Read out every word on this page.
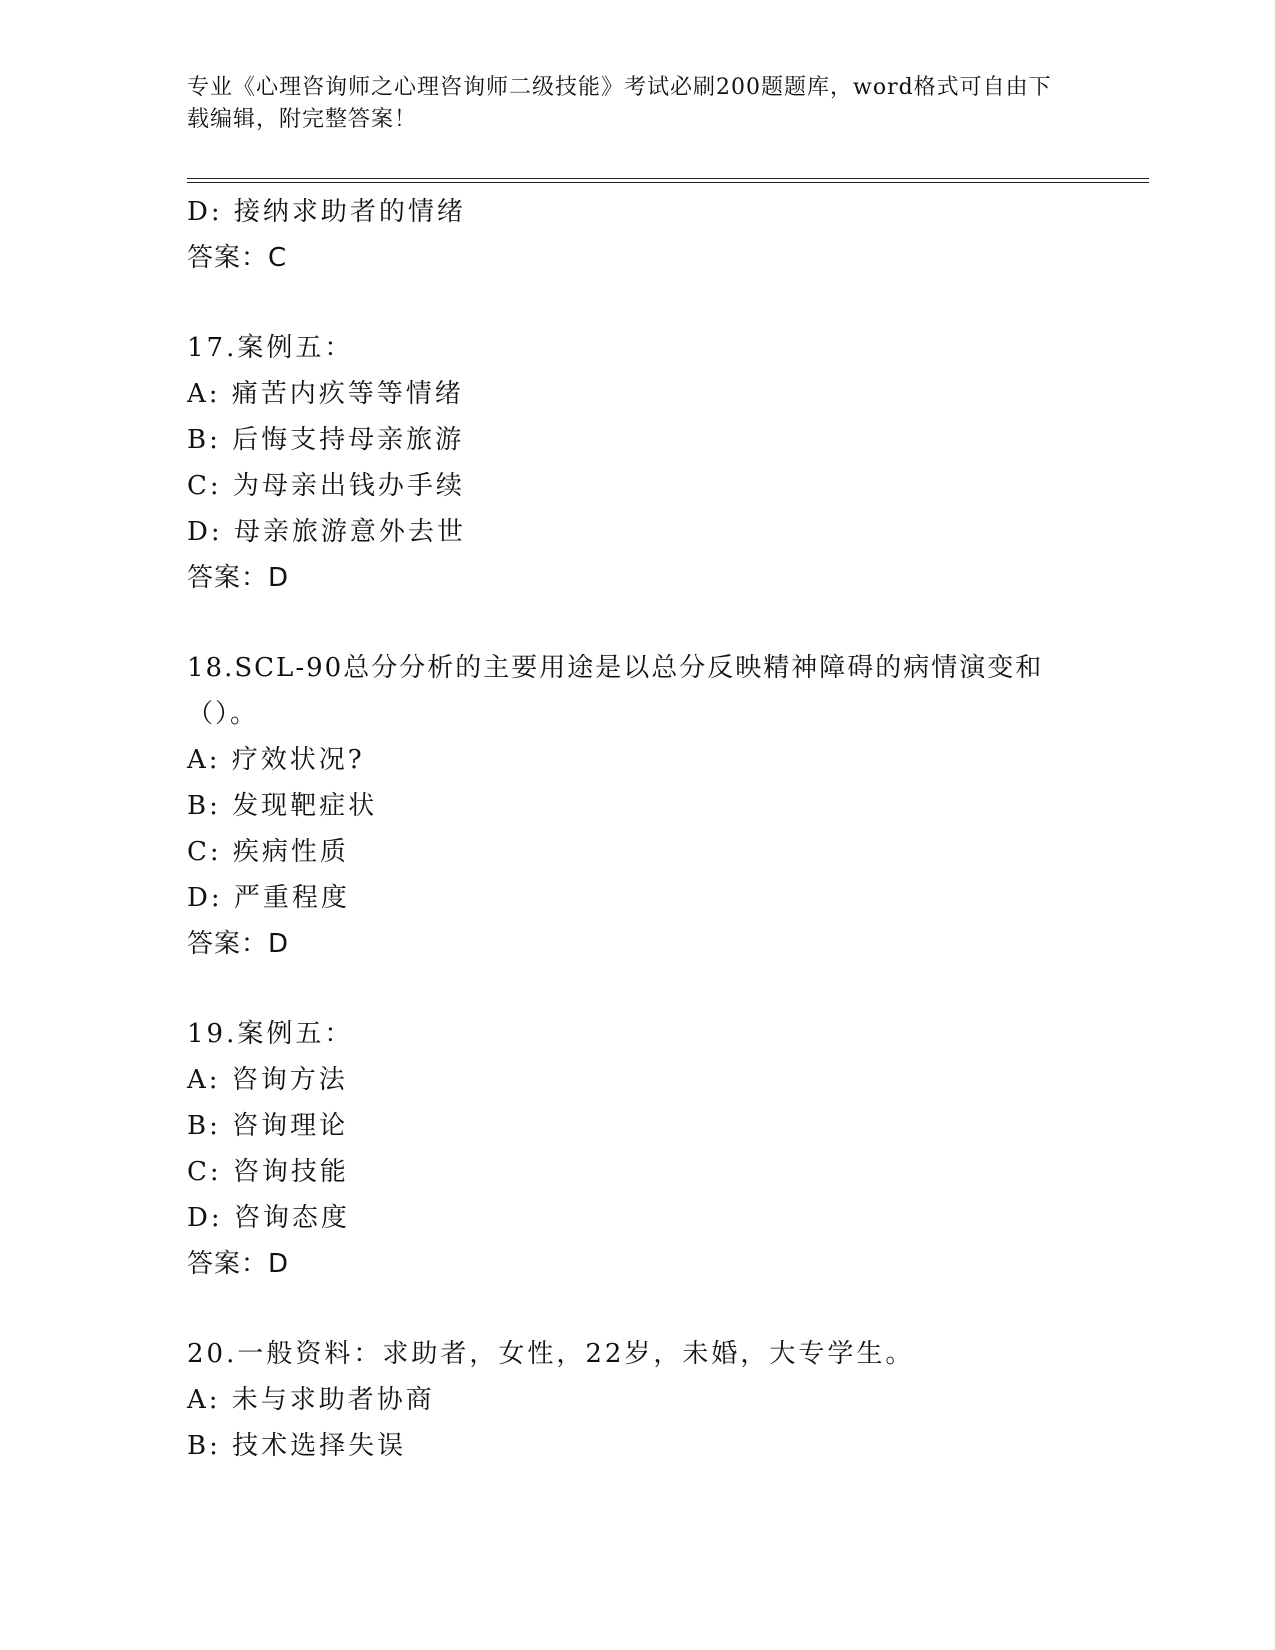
专业《心理咨询师之心理咨询师二级技能》考试必刷200题题库，word格式可自由下载编辑，附完整答案！
D: 接纳求助者的情绪
答案：C
17.案例五：
A: 痛苦内疚等等情绪
B: 后悔支持母亲旅游
C: 为母亲出钱办手续
D: 母亲旅游意外去世
答案：D
18.SCL-90总分分析的主要用途是以总分反映精神障碍的病情演变和（）。
A: 疗效状况?
B: 发现靶症状
C: 疾病性质
D: 严重程度
答案：D
19.案例五：
A: 咨询方法
B: 咨询理论
C: 咨询技能
D: 咨询态度
答案：D
20.一般资料：求助者，女性，22岁，未婚，大专学生。
A: 未与求助者协商
B: 技术选择失误
